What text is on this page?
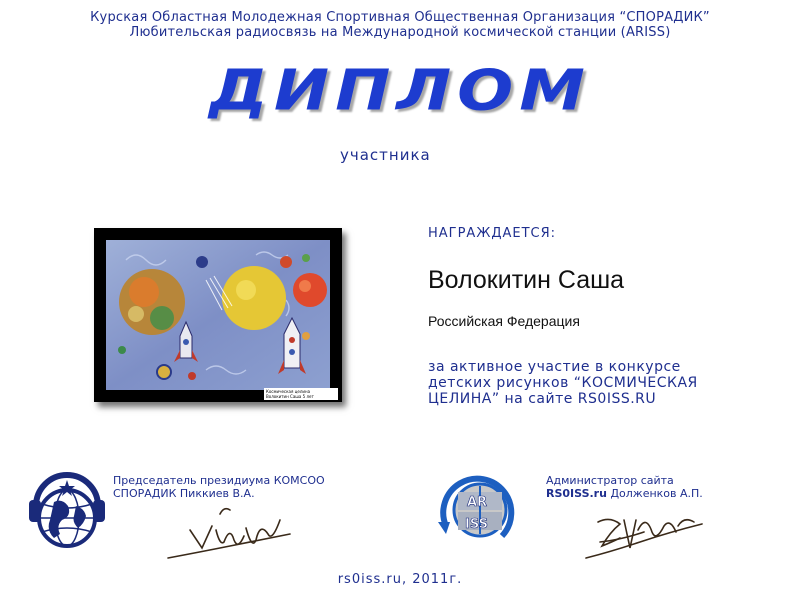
Курская Областная Молодежная Спортивная Общественная Организация “СПОРАДИК”
Любительская радиосвязь на Международной космической станции (ARISS)
ДИПЛОМ
участника
Космическая целина
Волокитин Саша 5 лет
НАГРАЖДАЕТСЯ:
Волокитин Саша
Российская Федерация
за активное участие в конкурсе
детских рисунков “КОСМИЧЕСКАЯ
ЦЕЛИНА” на сайте RS0ISS.RU
Председатель президиума КОМСОО
СПОРАДИК Пиккиев В.А.
AR
ISS
Администратор сайта
RS0ISS.ru Долженков А.П.
rs0iss.ru, 2011г.
